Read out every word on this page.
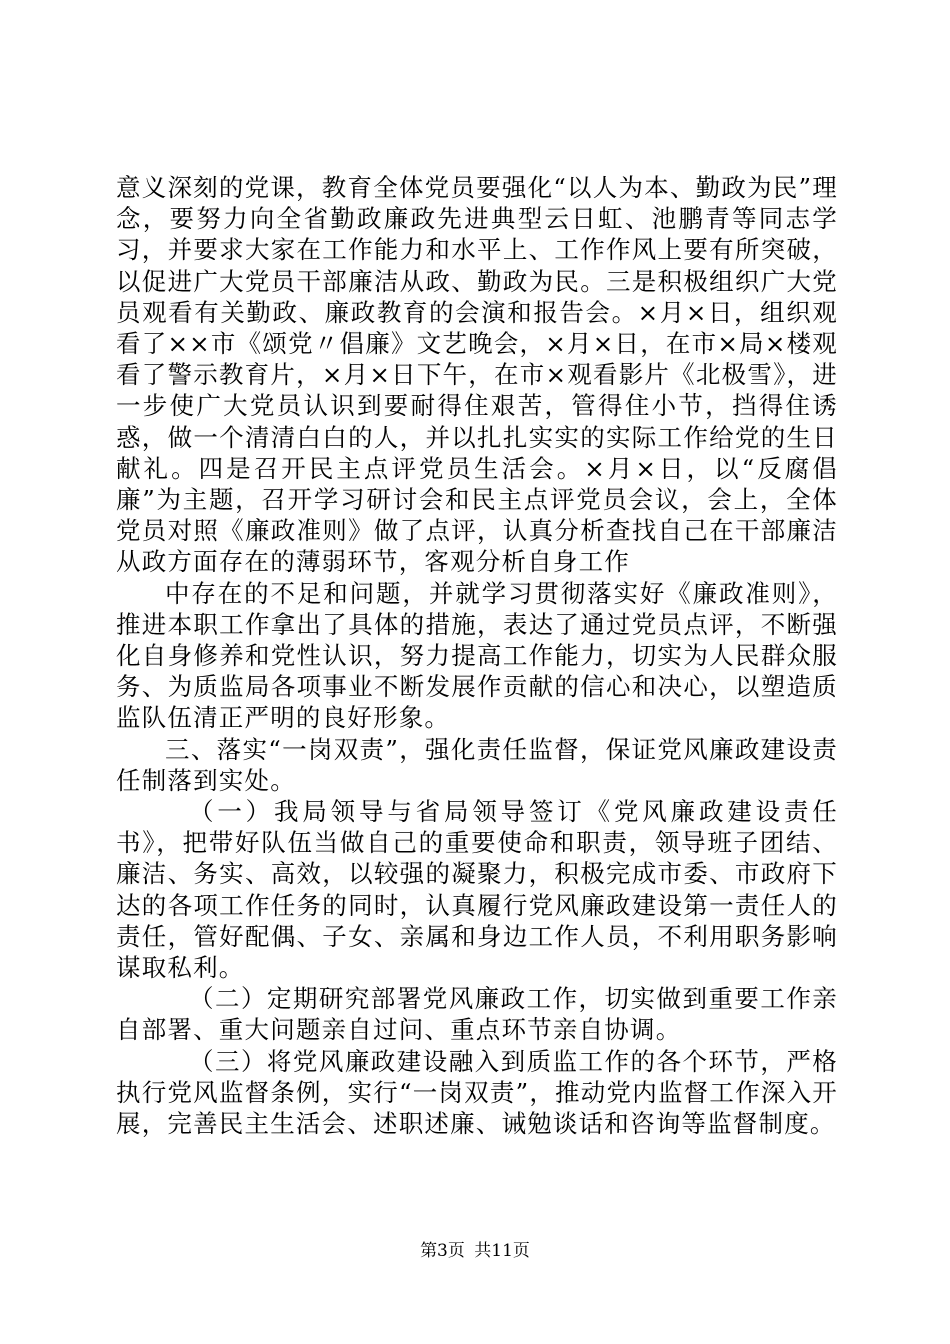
意义深刻的党课，教育全体党员要强化“以人为本、勤政为民”理念，要努力向全省勤政廉政先进典型云日虹、池鹏青等同志学习，并要求大家在工作能力和水平上、工作作风上要有所突破，以促进广大党员干部廉洁从政、勤政为民。三是积极组织广大党员观看有关勤政、廉政教育的会演和报告会。×月×日，组织观看了××市《颂党〃倡廉》文艺晚会，×月×日，在市×局×楼观看了警示教育片，×月×日下午，在市×观看影片《北极雪》，进一步使广大党员认识到要耐得住艰苦，管得住小节，挡得住诱惑，做一个清清白白的人，并以扎扎实实的实际工作给党的生日献礼。四是召开民主点评党员生活会。×月×日，以“反腐倡廉”为主题，召开学习研讨会和民主点评党员会议，会上，全体党员对照《廉政准则》做了点评，认真分析查找自己在干部廉洁从政方面存在的薄弱环节，客观分析自身工作

中存在的不足和问题，并就学习贯彻落实好《廉政准则》，推进本职工作拿出了具体的措施，表达了通过党员点评，不断强化自身修养和党性认识，努力提高工作能力，切实为人民群众服务、为质监局各项事业不断发展作贡献的信心和决心，以塑造质监队伍清正严明的良好形象。

三、落实“一岗双责”，强化责任监督，保证党风廉政建设责任制落到实处。

（一）我局领导与省局领导签订《党风廉政建设责任书》，把带好队伍当做自己的重要使命和职责，领导班子团结、廉洁、务实、高效，以较强的凝聚力，积极完成市委、市政府下达的各项工作任务的同时，认真履行党风廉政建设第一责任人的责任，管好配偶、子女、亲属和身边工作人员，不利用职务影响谋取私利。

（二）定期研究部署党风廉政工作，切实做到重要工作亲自部署、重大问题亲自过问、重点环节亲自协调。

（三）将党风廉政建设融入到质监工作的各个环节，严格执行党风监督条例，实行“一岗双责”，推动党内监督工作深入开展，完善民主生活会、述职述廉、诫勉谈话和咨询等监督制度。

第3页 共11页
